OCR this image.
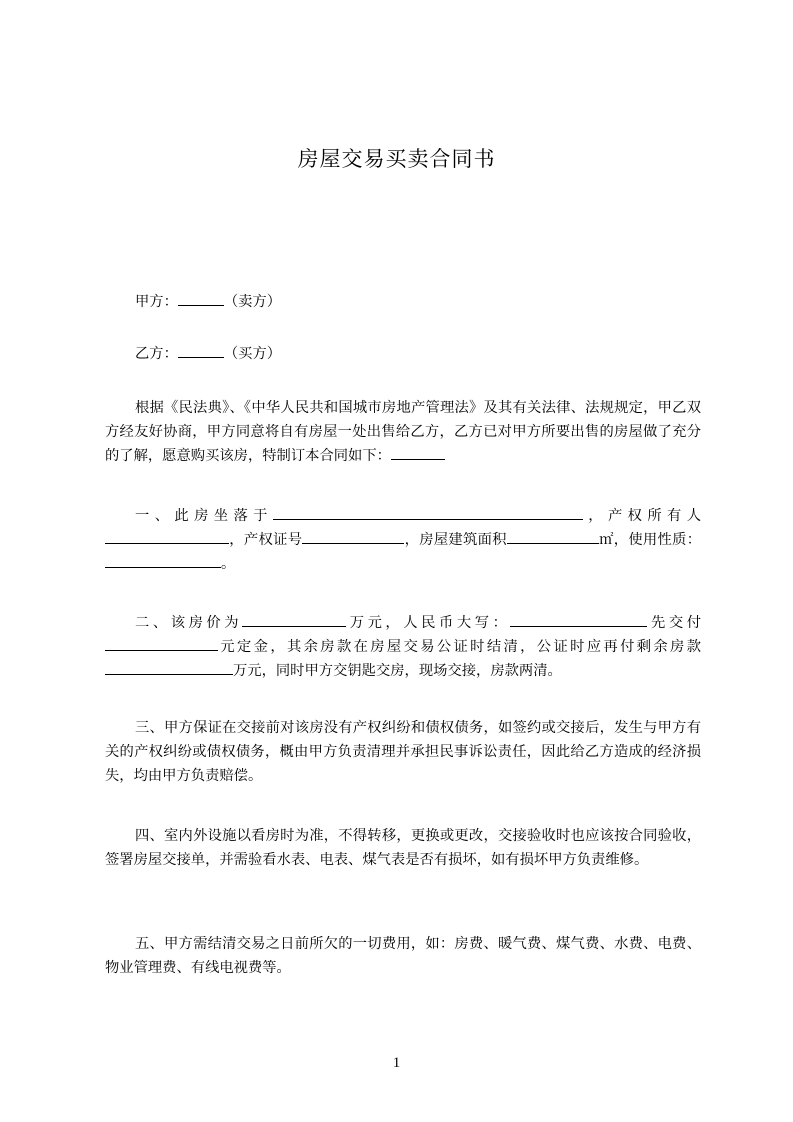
房屋交易买卖合同书
甲方：	（卖方）
乙方：	（买方）

根据《民法典》、《中华人民共和国城市房地产管理法》及其有关法律、法规规定，甲乙双方经友好协商，甲方同意将自有房屋一处出售给乙方，乙方已对甲方所要出售的房屋做了充分的了解，愿意购买该房，特制订本合同如下：

一、此房坐落于	，产权所有人，产权证号	，房屋建筑面积	㎡，使用性质：。

二、该房价为	万元，人民币大写：	先交付元定金，其余房款在房屋交易公证时结清，公证时应再付剩余房款万元，同时甲方交钥匙交房，现场交接，房款两清。

三、甲方保证在交接前对该房没有产权纠纷和债权债务，如签约或交接后，发生与甲方有关的产权纠纷或债权债务，概由甲方负责清理并承担民事诉讼责任，因此给乙方造成的经济损失，均由甲方负责赔偿。

四、室内外设施以看房时为准，不得转移，更换或更改，交接验收时也应该按合同验收，签署房屋交接单，并需验看水表、电表、煤气表是否有损坏，如有损坏甲方负责维修。

五、甲方需结清交易之日前所欠的一切费用，如：房费、暖气费、煤气费、水费、电费、物业管理费、有线电视费等。

1
